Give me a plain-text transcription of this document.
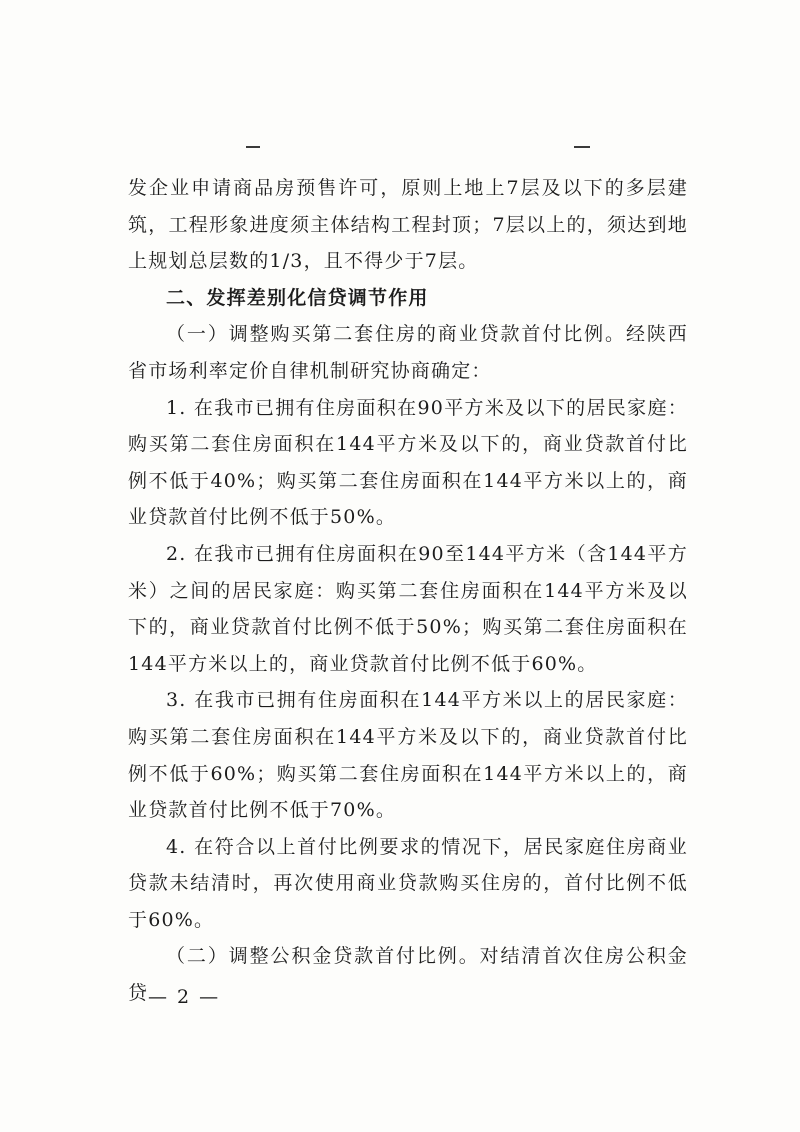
发企业申请商品房预售许可，原则上地上7层及以下的多层建筑，工程形象进度须主体结构工程封顶；7层以上的，须达到地上规划总层数的1/3，且不得少于7层。

二、发挥差别化信贷调节作用

（一）调整购买第二套住房的商业贷款首付比例。经陕西省市场利率定价自律机制研究协商确定：

1. 在我市已拥有住房面积在90平方米及以下的居民家庭：购买第二套住房面积在144平方米及以下的，商业贷款首付比例不低于40%；购买第二套住房面积在144平方米以上的，商业贷款首付比例不低于50%。

2. 在我市已拥有住房面积在90至144平方米（含144平方米）之间的居民家庭：购买第二套住房面积在144平方米及以下的，商业贷款首付比例不低于50%；购买第二套住房面积在144平方米以上的，商业贷款首付比例不低于60%。

3. 在我市已拥有住房面积在144平方米以上的居民家庭：购买第二套住房面积在144平方米及以下的，商业贷款首付比例不低于60%；购买第二套住房面积在144平方米以上的，商业贷款首付比例不低于70%。

4. 在符合以上首付比例要求的情况下，居民家庭住房商业贷款未结清时，再次使用商业贷款购买住房的，首付比例不低于60%。

（二）调整公积金贷款首付比例。对结清首次住房公积金贷 — 2 —
